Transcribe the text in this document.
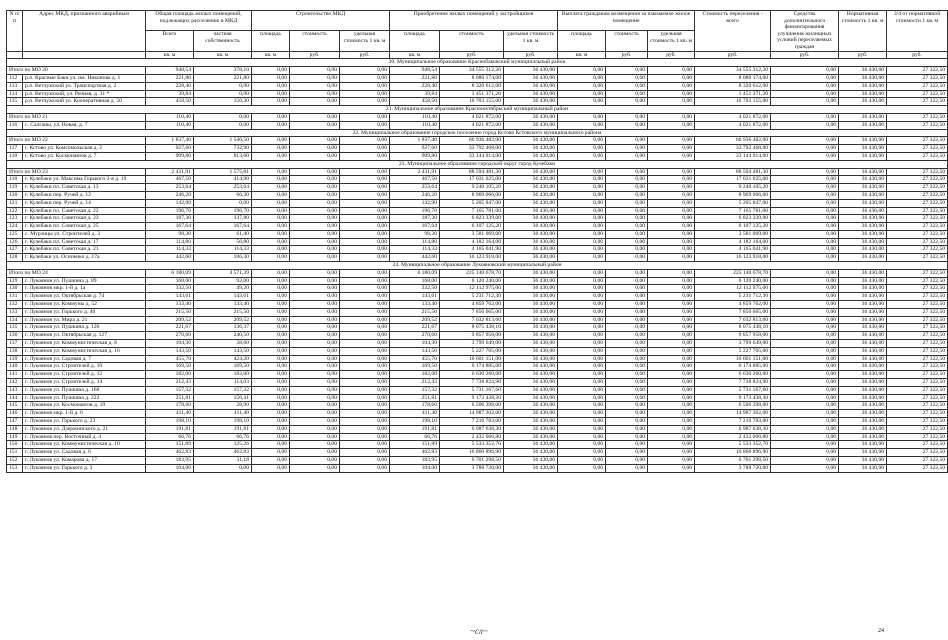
N п/п	Адрес МКД, признанного аварийным	Общая площадь жилых помещений, подлежащих расселению в МКД		Строительство МКД			Приобретение жилых помещений у застройщиков			Выплата гражданам возмещения за изымаемое жилое помещение			Стоимость переселения - всего	Средства дополнительного финансирования улучшения жилищных условий переселяемых граждан	Нормативная стоимость 1 кв. м	3/4 от нормативной стоимости 1 кв. м
		Всего	частная собственность	площадь	стоимость	удельная стоимость 1 кв. м	площадь	стоимость	удельная стоимость 1 кв. м	площадь	стоимость	удельная стоимость 1 кв. м				
		кв. м	кв. м	кв. м	руб.	руб.	кв. м	руб.	руб.	кв. м	руб.	руб.	руб.	руб.	руб.	руб.
20. Муниципальное образование Краснобаковский муниципальный район																
Итого по МО 20		948,54	378,10	0,00	0,00	0,00	948,54	34 555 312,20	36 430,00	0,00	0,00	0,00	34 555 312,20	0,00	36 430,00	27 322,50
112	р.п. Красные Баки ул. им. Никонова д. 1	221,80	221,80	0,00	0,00	0,00	221,80	8 080 174,00	36 430,00	0,00	0,00	0,00	8 080 174,00	0,00	36 430,00	27 322,50
113	р.п. Ветлужский ул. Транспортная д. 2	228,40	0,00	0,00	0,00	0,00	228,40	8 320 612,00	36 430,00	0,00	0,00	0,00	8 320 612,00	0,00	36 430,00	27 322,50
114	р.п. Ветлужский, ул. Речная, д. 31 *	39,84	0,00	0,00	0,00	0,00	39,84	1 451 371,20	36 430,00	0,00	0,00	0,00	1 451 371,20	0,00	36 430,00	27 322,50
115	р.п. Ветлужский ул. Кооперативная д. 50	458,50	156,30	0,00	0,00	0,00	458,50	16 703 155,00	36 430,00	0,00	0,00	0,00	16 703 155,00	0,00	36 430,00	27 322,50
21. Муниципальное образование Краснооктябрьский муниципальный район																
Итого по МО 21		110,40	0,00	0,00	0,00	0,00	110,40	4 021 872,00	36 430,00	0,00	0,00	0,00	4 021 872,00	0,00	36 430,00	27 322,50
116	с. Салганы, ул. Новая, д. 7	110,40	0,00	0,00	0,00	0,00	110,40	4 021 872,00	36 430,00	0,00	0,00	0,00	4 021 872,00	0,00	36 430,00	27 322,50
22. Муниципальное образование городское поселение город Кстово Кстовского муниципального района																
Итого по МО 22		1 837,40	1 546,50	0,00	0,00	0,00	1 837,40	66 936 482,00	36 430,00	0,00	0,00	0,00	66 936 482,00	0,00	36 430,00	27 322,50
117	г. Кстово ул. Комсомольская д. 2	927,60	732,90	0,00	0,00	0,00	927,60	33 792 468,00	36 430,00	0,00	0,00	0,00	33 792 468,00	0,00	36 430,00	27 322,50
118	г. Кстово ул. Космонавтов д. 7	909,80	813,60	0,00	0,00	0,00	909,80	33 144 014,00	36 430,00	0,00	0,00	0,00	33 144 014,00	0,00	36 430,00	27 322,50
23. Муниципальное образование городской округ город Кулебаки																
Итого по МО 23		2 431,91	1 575,81	0,00	0,00	0,00	2 431,91	88 594 481,30	36 430,00	0,00	0,00	0,00	88 594 481,30	0,00	36 430,00	27 322,50
118	г. Кулебаки ул. Максима Горького 2-я д. 19	467,50	414,90	0,00	0,00	0,00	467,50	17 031 025,00	36 430,00	0,00	0,00	0,00	17 031 025,00	0,00	36 430,00	27 322,50
119	г. Кулебаки пл. Советская д. 13	253,64	253,64	0,00	0,00	0,00	253,64	9 240 105,20	36 430,00	0,00	0,00	0,00	9 240 105,20	0,00	36 430,00	27 322,50
120	г. Кулебаки пер. Ручей д. 12	246,20	66,30	0,00	0,00	0,00	246,20	8 969 066,00	36 430,00	0,00	0,00	0,00	8 969 066,00	0,00	36 430,00	27 322,50
121	г. Кулебаки пер. Ручей д. 14	142,90	0,00	0,00	0,00	0,00	142,90	5 205 847,00	36 430,00	0,00	0,00	0,00	5 205 847,00	0,00	36 430,00	27 322,50
122	г. Кулебаки пл. Советская д. 22	196,70	196,70	0,00	0,00	0,00	196,70	7 165 781,00	36 430,00	0,00	0,00	0,00	7 165 781,00	0,00	36 430,00	27 322,50
123	г. Кулебаки пл. Советская д. 23	187,30	137,80	0,00	0,00	0,00	187,30	6 823 339,00	36 430,00	0,00	0,00	0,00	6 823 339,00	0,00	36 430,00	27 322,50
124	г. Кулебаки пл. Советская д. 25	167,64	167,64	0,00	0,00	0,00	167,64	6 107 125,20	36 430,00	0,00	0,00	0,00	6 107 125,20	0,00	36 430,00	27 322,50
125	с. Мурзицы ул. Строителей д. 3	98,30	61,40	0,00	0,00	0,00	98,30	3 581 069,00	36 430,00	0,00	0,00	0,00	3 581 069,00	0,00	36 430,00	27 322,50
126	г. Кулебаки пл. Советская д. 17	114,80	56,80	0,00	0,00	0,00	114,80	4 182 164,00	36 430,00	0,00	0,00	0,00	4 182 164,00	0,00	36 430,00	27 322,50
127	г. Кулебаки пл. Советская д. 21	114,33	114,33	0,00	0,00	0,00	114,33	4 165 041,90	36 430,00	0,00	0,00	0,00	4 165 041,90	0,00	36 430,00	27 322,50
128	г. Кулебаки ул. Осипенко д. 17а	442,60	106,30	0,00	0,00	0,00	442,60	16 123 918,00	36 430,00	0,00	0,00	0,00	16 123 918,00	0,00	36 430,00	27 322,50
24. Муниципальное образование Лукояновский муниципальный район																
Итого по МО 24		6 180,09	4 571,39	0,00	0,00	0,00	6 180,09	225 140 678,70	36 430,00	0,00	0,00	0,00	225 140 678,70	0,00	36 430,00	27 322,50
129	г. Лукоянов ул. Пушкина д. 89	168,00	92,00	0,00	0,00	0,00	168,00	6 120 240,00	36 430,00	0,00	0,00	0,00	6 120 240,00	0,00	36 430,00	27 322,50
130	г. Лукоянов мкр. 1-й д. 1а	332,50	49,20	0,00	0,00	0,00	332,50	12 112 975,00	36 430,00	0,00	0,00	0,00	12 112 975,00	0,00	36 430,00	27 322,50
131	г. Лукоянов ул. Октябрьская д. 74	143,61	143,61	0,00	0,00	0,00	143,61	5 231 712,30	36 430,00	0,00	0,00	0,00	5 231 712,30	0,00	36 430,00	27 322,50
132	г. Лукоянов ул. Коммуны д. 52	133,40	133,40	0,00	0,00	0,00	133,40	4 859 762,00	36 430,00	0,00	0,00	0,00	4 859 762,00	0,00	36 430,00	27 322,50
133	г. Лукоянов ул. Горького д. 40	215,50	215,50	0,00	0,00	0,00	215,50	7 850 665,00	36 430,00	0,00	0,00	0,00	7 850 665,00	0,00	36 430,00	27 322,50
134	г. Лукоянов ул. Мира д. 21	209,52	209,52	0,00	0,00	0,00	209,52	7 632 813,60	36 430,00	0,00	0,00	0,00	7 632 813,60	0,00	36 430,00	27 322,50
135	г. Лукоянов ул. Пушкина д. 126	221,67	136,37	0,00	0,00	0,00	221,67	8 075 438,10	36 430,00	0,00	0,00	0,00	8 075 438,10	0,00	36 430,00	27 322,50
136	г. Лукоянов ул. Октябрьская д. 127	270,60	240,50	0,00	0,00	0,00	270,60	9 857 958,00	36 430,00	0,00	0,00	0,00	9 857 958,00	0,00	36 430,00	27 322,50
137	г. Лукоянов ул. Коммунистическая д. 8	104,30	38,60	0,00	0,00	0,00	104,30	3 799 649,00	36 430,00	0,00	0,00	0,00	3 799 649,00	0,00	36 430,00	27 322,50
138	г. Лукоянов ул. Коммунистическая д. 16	143,50	143,50	0,00	0,00	0,00	143,50	5 227 705,00	36 430,00	0,00	0,00	0,00	5 227 705,00	0,00	36 430,00	27 322,50
139	г. Лукоянов ул. Садовая д. 7	455,70	424,20	0,00	0,00	0,00	455,70	16 601 151,00	36 430,00	0,00	0,00	0,00	16 601 151,00	0,00	36 430,00	27 322,50
140	г. Лукоянов ул. Строителей д. 10	169,50	169,50	0,00	0,00	0,00	169,50	6 174 885,00	36 430,00	0,00	0,00	0,00	6 174 885,00	0,00	36 430,00	27 322,50
141	г. Лукоянов ул. Строителей д. 12	182,00	182,00	0,00	0,00	0,00	182,00	6 630 260,00	36 430,00	0,00	0,00	0,00	6 630 260,00	0,00	36 430,00	27 322,50
142	г. Лукоянов ул. Строителей д. 14	212,43	114,03	0,00	0,00	0,00	212,43	7 738 824,90	36 430,00	0,00	0,00	0,00	7 738 824,90	0,00	36 430,00	27 322,50
143	г. Лукоянов ул. Пушкина д. 168	157,32	157,32	0,00	0,00	0,00	157,32	5 731 167,60	36 430,00	0,00	0,00	0,00	5 731 167,60	0,00	36 430,00	27 322,50
144	г. Лукоянов ул. Пушкина д. 222	251,81	156,41	0,00	0,00	0,00	251,81	9 173 438,30	36 430,00	0,00	0,00	0,00	9 173 438,30	0,00	36 430,00	27 322,50
145	г. Лукоянов ул. Космонавтов д. 19	178,60	28,90	0,00	0,00	0,00	178,60	6 506 398,00	36 430,00	0,00	0,00	0,00	6 506 398,00	0,00	36 430,00	27 322,50
146	г. Лукоянов мкр. 1-й д. 6	411,40	411,40	0,00	0,00	0,00	411,40	14 987 302,00	36 430,00	0,00	0,00	0,00	14 987 302,00	0,00	36 430,00	27 322,50
147	г. Лукоянов ул. Горького д. 23	198,10	198,10	0,00	0,00	0,00	198,10	7 216 783,00	36 430,00	0,00	0,00	0,00	7 216 783,00	0,00	36 430,00	27 322,50
148	г. Лукоянов ул. Дзержинского д. 21	191,81	191,81	0,00	0,00	0,00	191,81	6 987 638,30	36 430,00	0,00	0,00	0,00	6 987 638,30	0,00	36 430,00	27 322,50
149	г. Лукоянов пер. Восточный д. 4	66,76	66,76	0,00	0,00	0,00	66,76	2 432 066,80	36 430,00	0,00	0,00	0,00	2 432 066,80	0,00	36 430,00	27 322,50
150	г. Лукоянов ул. Коммунистическая д. 10	151,89	125,26	0,00	0,00	0,00	151,89	5 533 352,70	36 430,00	0,00	0,00	0,00	5 533 352,70	0,00	36 430,00	27 322,50
151	г. Лукоянов ул. Садовая д. 6	462,83	462,83	0,00	0,00	0,00	462,83	16 860 896,90	36 430,00	0,00	0,00	0,00	16 860 896,90	0,00	36 430,00	27 322,50
152	г. Лукоянов ул. Комарова д. 17	183,95	31,18	0,00	0,00	0,00	183,95	6 701 298,50	36 430,00	0,00	0,00	0,00	6 701 298,50	0,00	36 430,00	27 322,50
153	г. Лукоянов ул. Горького д. 3	104,00	0,00	0,00	0,00	0,00	104,00	3 788 720,00	36 430,00	0,00	0,00	0,00	3 788 720,00	0,00	36 430,00	27 322,50
~сл~	24
